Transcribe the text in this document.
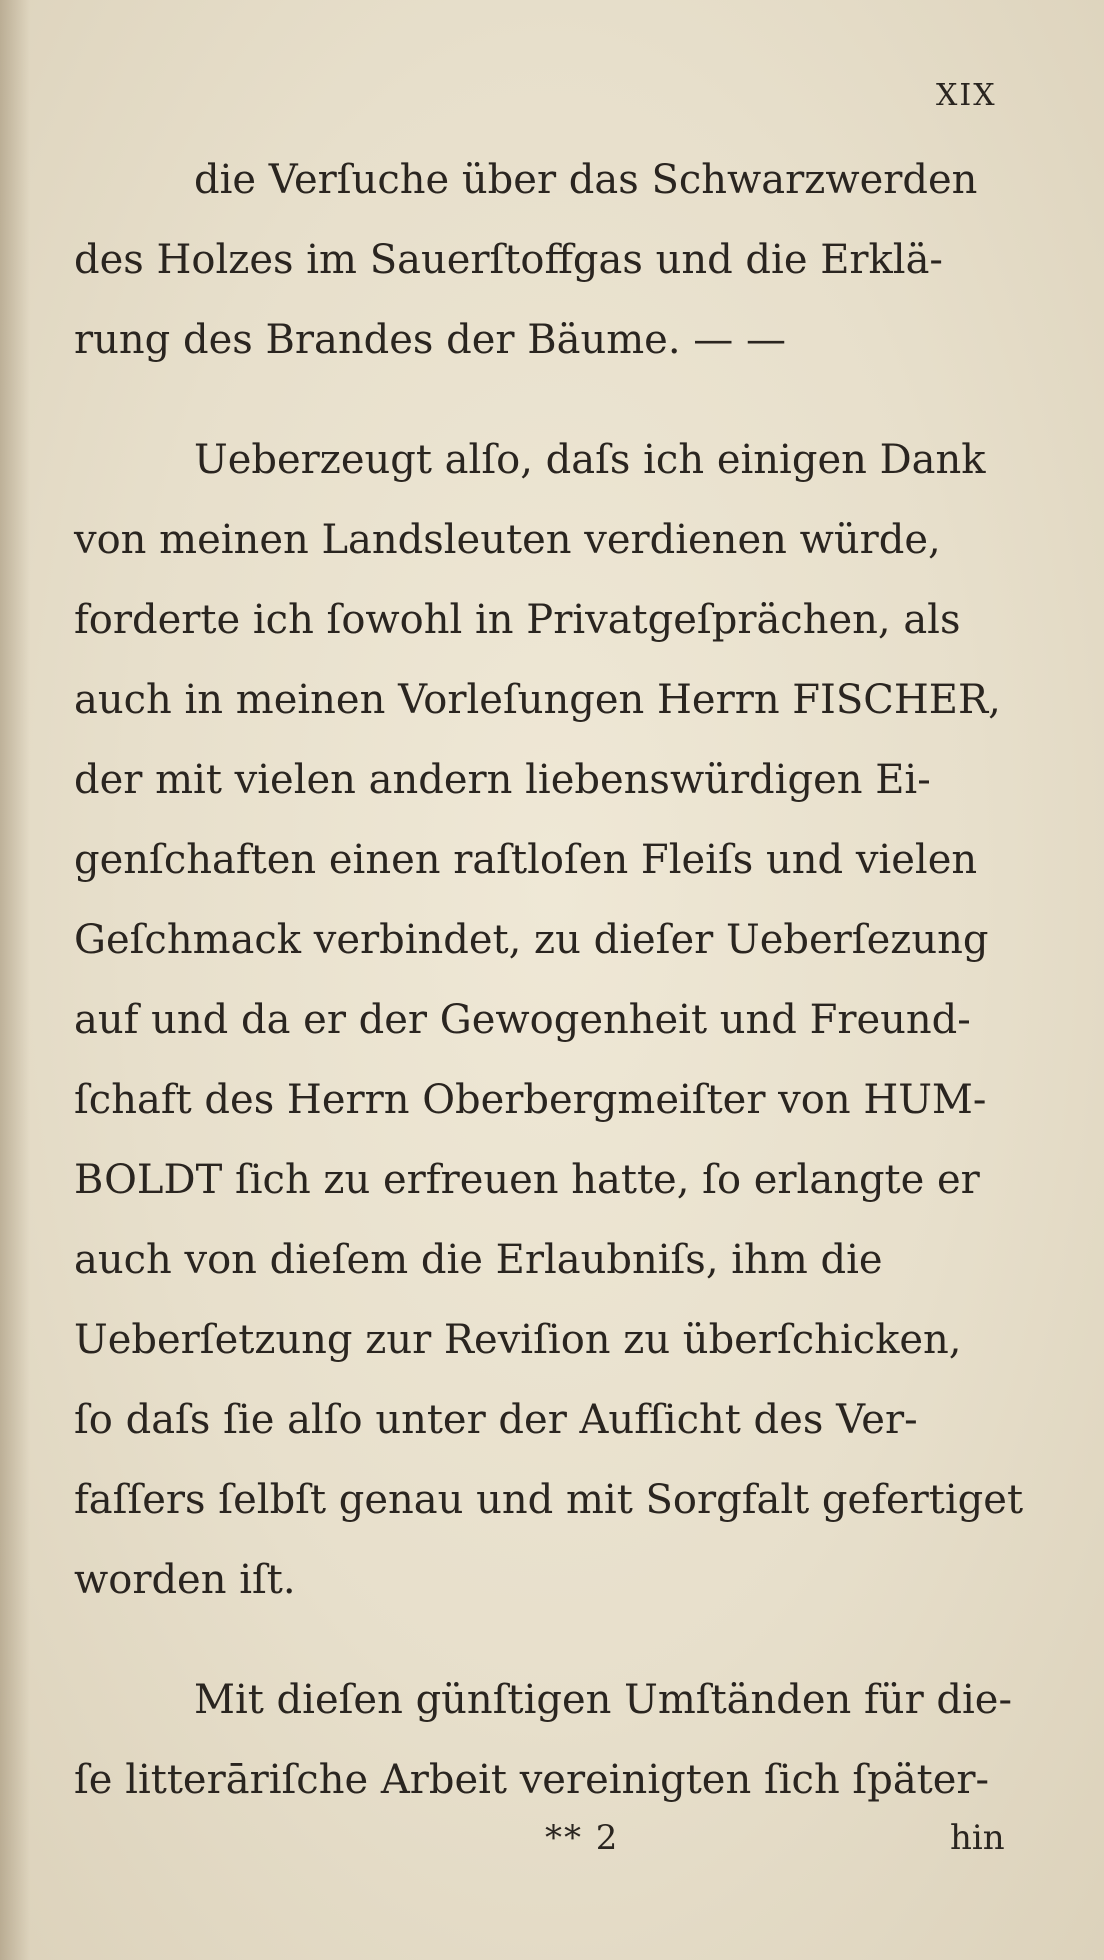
XIX
die Verſuche über das Schwarzwerden
des Holzes im Sauerſtoffgas und die Erklä-
rung des Brandes der Bäume. — —
Ueberzeugt alſo, daſs ich einigen Dank
von meinen Landsleuten verdienen würde,
forderte ich ſowohl in Privatgeſprächen, als
auch in meinen Vorleſungen Herrn FISCHER,
der mit vielen andern liebenswürdigen Ei-
genſchaften einen raſtloſen Fleiſs und vielen
Geſchmack verbindet, zu dieſer Ueberſezung
auf und da er der Gewogenheit und Freund-
ſchaft des Herrn Oberbergmeiſter von HUM-
BOLDT ſich zu erfreuen hatte, ſo erlangte er
auch von dieſem die Erlaubniſs, ihm die
Ueberſetzung zur Reviſion zu überſchicken,
ſo daſs ſie alſo unter der Aufſicht des Ver-
faſſers ſelbſt genau und mit Sorgfalt gefertiget
worden iſt.
Mit dieſen günſtigen Umſtänden für die-
ſe litterāriſche Arbeit vereinigten ſich ſpäter-
** 2	hin
